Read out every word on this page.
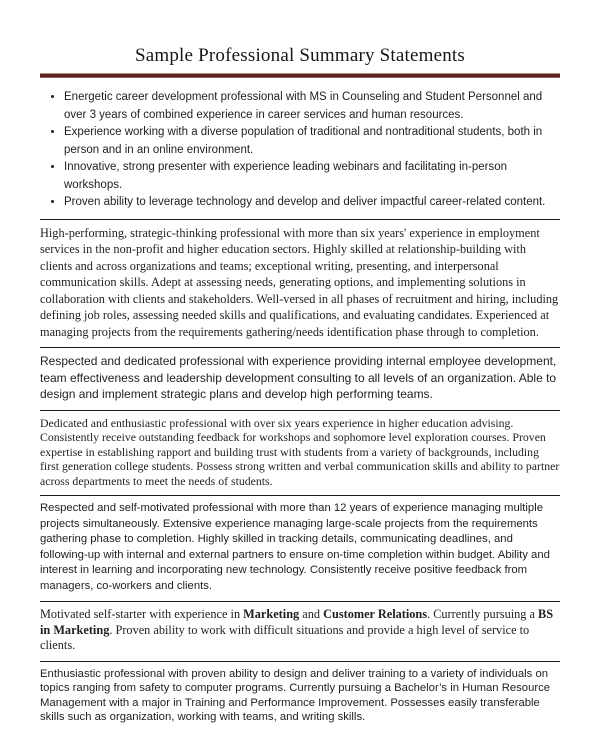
Sample Professional Summary Statements
• Energetic career development professional with MS in Counseling and Student Personnel and over 3 years of combined experience in career services and human resources.
• Experience working with a diverse population of traditional and nontraditional students, both in person and in an online environment.
• Innovative, strong presenter with experience leading webinars and facilitating in-person workshops.
• Proven ability to leverage technology and develop and deliver impactful career-related content.

High-performing, strategic-thinking professional with more than six years' experience in employment services in the non-profit and higher education sectors. Highly skilled at relationship-building with clients and across organizations and teams; exceptional writing, presenting, and interpersonal communication skills. Adept at assessing needs, generating options, and implementing solutions in collaboration with clients and stakeholders. Well-versed in all phases of recruitment and hiring, including defining job roles, assessing needed skills and qualifications, and evaluating candidates. Experienced at managing projects from the requirements gathering/needs identification phase through to completion.

Respected and dedicated professional with experience providing internal employee development, team effectiveness and leadership development consulting to all levels of an organization. Able to design and implement strategic plans and develop high performing teams.

Dedicated and enthusiastic professional with over six years experience in higher education advising. Consistently receive outstanding feedback for workshops and sophomore level exploration courses. Proven expertise in establishing rapport and building trust with students from a variety of backgrounds, including first generation college students. Possess strong written and verbal communication skills and ability to partner across departments to meet the needs of students.

Respected and self-motivated professional with more than 12 years of experience managing multiple projects simultaneously. Extensive experience managing large-scale projects from the requirements gathering phase to completion. Highly skilled in tracking details, communicating deadlines, and following-up with internal and external partners to ensure on-time completion within budget. Ability and interest in learning and incorporating new technology. Consistently receive positive feedback from managers, co-workers and clients.

Motivated self-starter with experience in Marketing and Customer Relations. Currently pursuing a BS in Marketing. Proven ability to work with difficult situations and provide a high level of service to clients.

Enthusiastic professional with proven ability to design and deliver training to a variety of individuals on topics ranging from safety to computer programs. Currently pursuing a Bachelor’s in Human Resource Management with a major in Training and Performance Improvement. Possesses easily transferable skills such as organization, working with teams, and writing skills.
